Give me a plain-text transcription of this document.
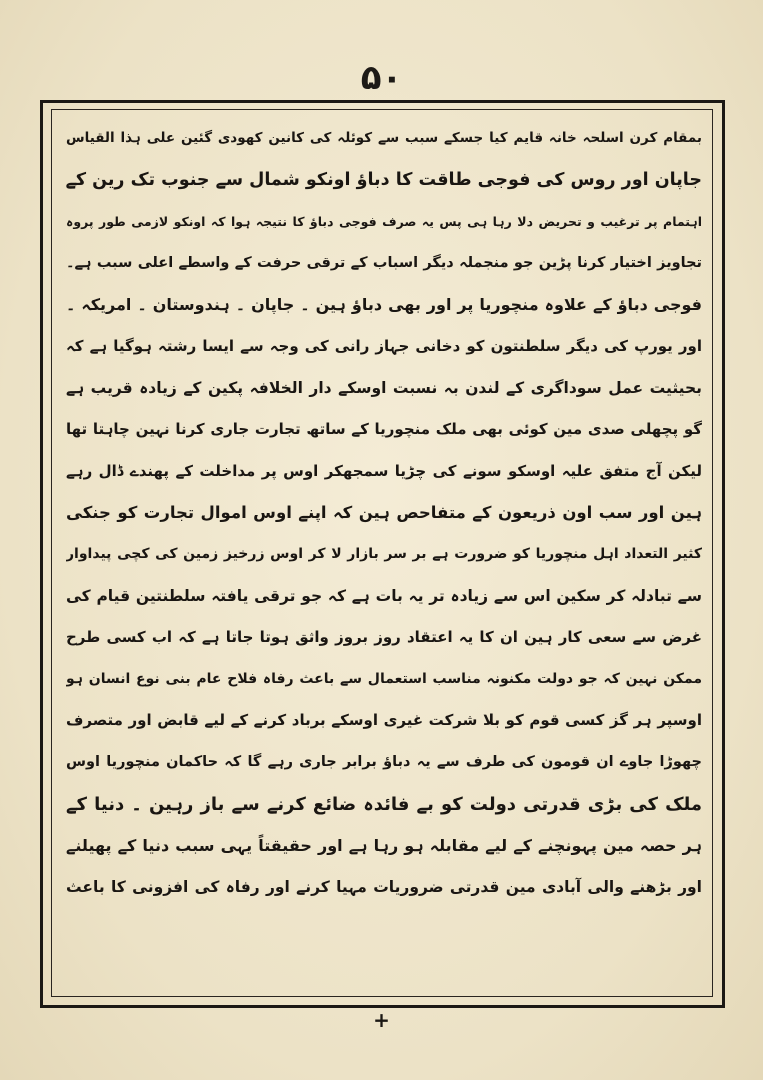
۵۰
بمقام کرن اسلحہ خانہ قایم کیا جسکے سبب سے کوئلہ کی کانین کھودی گئین علی ہذا القیاس
جاپان اور روس کی فوجی طاقت کا دباؤ اونکو شمال سے جنوب تک رین کے
اہتمام پر ترغیب و تحریض دلا رہا ہی پس یہ صرف فوجی دباؤ کا نتیجہ ہوا کہ اونکو لازمی طور پروہ
تجاویز اختیار کرنا پڑین جو منجملہ دیگر اسباب کے ترقی حرفت کے واسطے اعلی سبب ہے۔
فوجی دباؤ کے علاوہ منچوریا پر اور بھی دباؤ ہین ۔ جاپان ۔ ہندوستان ۔ امریکہ ۔
اور یورپ کی دیگر سلطنتون کو دخانی جہاز رانی کی وجہ سے ایسا رشتہ ہوگیا ہے کہ
بحیثیت عمل سوداگری کے لندن بہ نسبت اوسکے دار الخلافہ پکین کے زیادہ قریب ہے
گو پچھلی صدی مین کوئی بھی ملک منچوریا کے ساتھ تجارت جاری کرنا نہین چاہتا تھا
لیکن آج متفق علیہ اوسکو سونے کی چڑیا سمجھکر اوس پر مداخلت کے پھندے ڈال رہے
ہین اور سب اون ذریعون کے متفاحص ہین کہ اپنے اوس اموال تجارت کو جنکی
کثیر التعداد اہل منچوریا کو ضرورت ہے بر سر بازار لا کر اوس زرخیز زمین کی کچی پیداوار
سے تبادلہ کر سکین اس سے زیادہ تر یہ بات ہے کہ جو ترقی یافتہ سلطنتین قیام کی
غرض سے سعی کار ہین ان کا یہ اعتقاد روز بروز واثق ہوتا جاتا ہے کہ اب کسی طرح
ممکن نہین کہ جو دولت مکنونہ مناسب استعمال سے باعث رفاہ فلاح عام بنی نوع انسان ہو
اوسپر ہر گز کسی قوم کو بلا شرکت غیری اوسکے برباد کرنے کے لیے قابض اور متصرف
چھوڑا جاوے ان قومون کی طرف سے یہ دباؤ برابر جاری رہے گا کہ حاکمان منچوریا اوس
ملک کی بڑی قدرتی دولت کو بے فائدہ ضائع کرنے سے باز رہین ۔ دنیا کے
ہر حصہ مین پہونچنے کے لیے مقابلہ ہو رہا ہے اور حقیقتاً یہی سبب دنیا کے پھیلنے
اور بڑھنے والی آبادی مین قدرتی ضروریات مہیا کرنے اور رفاہ کی افزونی کا باعث
+
